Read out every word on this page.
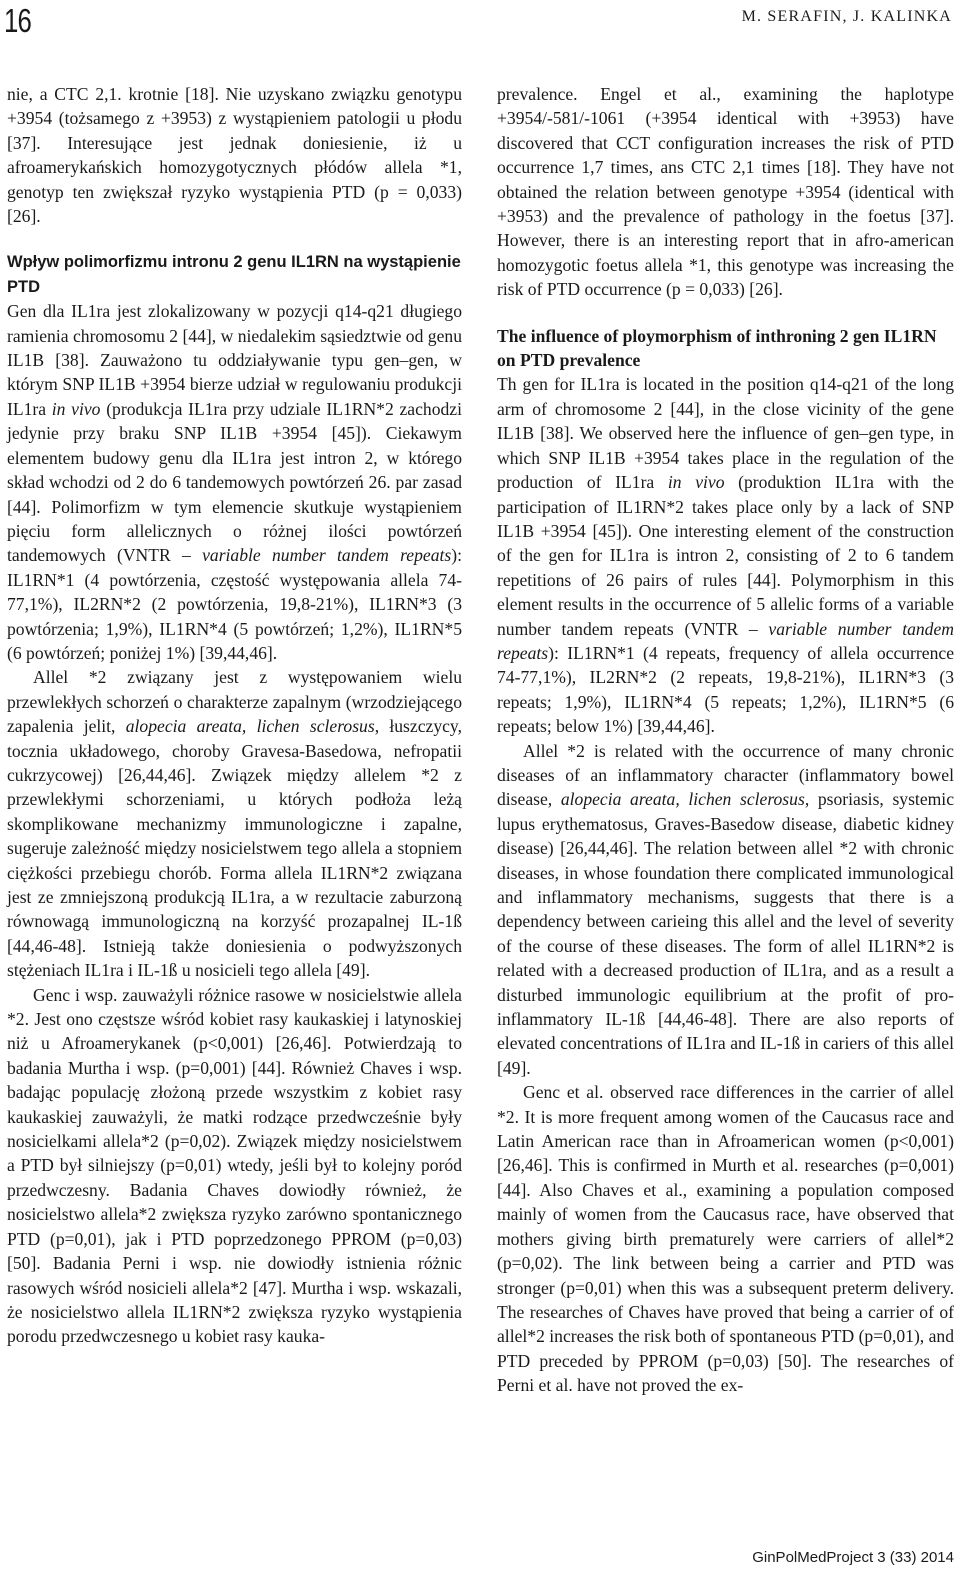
16	M. SERAFIN, J. KALINKA

nie, a CTC 2,1. krotnie [18]. Nie uzyskano związku genotypu +3954 (tożsamego z +3953) z wystąpieniem patologii u płodu [37]. Interesujące jest jednak doniesienie, iż u afroamerykańskich homozygotycznych płódów allela *1, genotyp ten zwiększał ryzyko wystąpienia PTD (p = 0,033) [26].

Wpływ polimorfizmu intronu 2 genu IL1RN na wystąpienie PTD

Gen dla IL1ra jest zlokalizowany w pozycji q14-q21 długiego ramienia chromosomu 2 [44], w niedalekim sąsiedztwie od genu IL1B [38]. Zauważono tu oddziaływanie typu gen–gen, w którym SNP IL1B +3954 bierze udział w regulowaniu produkcji IL1ra in vivo (produkcja IL1ra przy udziale IL1RN*2 zachodzi jedynie przy braku SNP IL1B +3954 [45]). Ciekawym elementem budowy genu dla IL1ra jest intron 2, w którego skład wchodzi od 2 do 6 tandemowych powtórzeń 26. par zasad [44]. Polimorfizm w tym elemencie skutkuje wystąpieniem pięciu form allelicznych o różnej ilości powtórzeń tandemowych (VNTR – variable number tandem repeats): IL1RN*1 (4 powtórzenia, częstość występowania allela 74-77,1%), IL2RN*2 (2 powtórzenia, 19,8-21%), IL1RN*3 (3 powtórzenia; 1,9%), IL1RN*4 (5 powtórzeń; 1,2%), IL1RN*5 (6 powtórzeń; poniżej 1%) [39,44,46].

Allel *2 związany jest z występowaniem wielu przewlekłych schorzeń o charakterze zapalnym (wrzodziejącego zapalenia jelit, alopecia areata, lichen sclerosus, łuszczycy, tocznia układowego, choroby Gravesa-Basedowa, nefropatii cukrzycowej) [26,44,46]. Związek między allelem *2 z przewlekłymi schorzeniami, u których podłoża leżą skomplikowane mechanizmy immunologiczne i zapalne, sugeruje zależność między nosicielstwem tego allela a stopniem ciężkości przebiegu chorób. Forma allela IL1RN*2 związana jest ze zmniejszoną produkcją IL1ra, a w rezultacie zaburzoną równowagą immunologiczną na korzyść prozapalnej IL-1ß [44,46-48]. Istnieją także doniesienia o podwyższonych stężeniach IL1ra i IL-1ß u nosicieli tego allela [49].

Genc i wsp. zauważyli różnice rasowe w nosicielstwie allela *2. Jest ono częstsze wśród kobiet rasy kaukaskiej i latynoskiej niż u Afroamerykanek (p<0,001) [26,46]. Potwierdzają to badania Murtha i wsp. (p=0,001) [44]. Również Chaves i wsp. badając populację złożoną przede wszystkim z kobiet rasy kaukaskiej zauważyli, że matki rodzące przedwcześnie były nosicielkami allela*2 (p=0,02). Związek między nosicielstwem a PTD był silniejszy (p=0,01) wtedy, jeśli był to kolejny poród przedwczesny. Badania Chaves dowiodły również, że nosicielstwo allela*2 zwiększa ryzyko zarówno spontanicznego PTD (p=0,01), jak i PTD poprzedzonego PPROM (p=0,03) [50]. Badania Perni i wsp. nie dowiodły istnienia różnic rasowych wśród nosicieli allela*2 [47]. Murtha i wsp. wskazali, że nosicielstwo allela IL1RN*2 zwiększa ryzyko wystąpienia porodu przedwczesnego u kobiet rasy kauka-

prevalence. Engel et al., examining the haplotype +3954/-581/-1061 (+3954 identical with +3953) have discovered that CCT configuration increases the risk of PTD occurrence 1,7 times, ans CTC 2,1 times [18]. They have not obtained the relation between genotype +3954 (identical with +3953) and the prevalence of pathology in the foetus [37]. However, there is an interesting report that in afro-american homozygotic foetus allela *1, this genotype was increasing the risk of PTD occurrence (p = 0,033) [26].

The influence of ploymorphism of inthroning 2 gen IL1RN on PTD prevalence

Th gen for IL1ra is located in the position q14-q21 of the long arm of chromosome 2 [44], in the close vicinity of the gene IL1B [38]. We observed here the influence of gen–gen type, in which SNP IL1B +3954 takes place in the regulation of the production of IL1ra in vivo (produktion IL1ra with the participation of IL1RN*2 takes place only by a lack of SNP IL1B +3954 [45]). One interesting element of the construction of the gen for IL1ra is intron 2, consisting of 2 to 6 tandem repetitions of 26 pairs of rules [44]. Polymorphism in this element results in the occurrence of 5 allelic forms of a variable number tandem repeats (VNTR – variable number tandem repeats): IL1RN*1 (4 repeats, frequency of allela occurrence 74-77,1%), IL2RN*2 (2 repeats, 19,8-21%), IL1RN*3 (3 repeats; 1,9%), IL1RN*4 (5 repeats; 1,2%), IL1RN*5 (6 repeats; below 1%) [39,44,46].

Allel *2 is related with the occurrence of many chronic diseases of an inflammatory character (inflammatory bowel disease, alopecia areata, lichen sclerosus, psoriasis, systemic lupus erythematosus, Graves-Basedow disease, diabetic kidney disease) [26,44,46]. The relation between allel *2 with chronic diseases, in whose foundation there complicated immunological and inflammatory mechanisms, suggests that there is a dependency between carieing this allel and the level of severity of the course of these diseases. The form of allel IL1RN*2 is related with a decreased production of IL1ra, and as a result a disturbed immunologic equilibrium at the profit of pro-inflammatory IL-1ß [44,46-48]. There are also reports of elevated concentrations of IL1ra and IL-1ß in cariers of this allel [49].

Genc et al. observed race differences in the carrier of allel *2. It is more frequent among women of the Caucasus race and Latin American race than in Afroamerican women (p<0,001) [26,46]. This is confirmed in Murth et al. researches (p=0,001) [44]. Also Chaves et al., examining a population composed mainly of women from the Caucasus race, have observed that mothers giving birth prematurely were carriers of allel*2 (p=0,02). The link between being a carrier and PTD was stronger (p=0,01) when this was a subsequent preterm delivery. The researches of Chaves have proved that being a carrier of of allel*2 increases the risk both of spontaneous PTD (p=0,01), and PTD preceded by PPROM (p=0,03) [50]. The researches of Perni et al. have not proved the ex-

GinPolMedProject 3 (33) 2014
